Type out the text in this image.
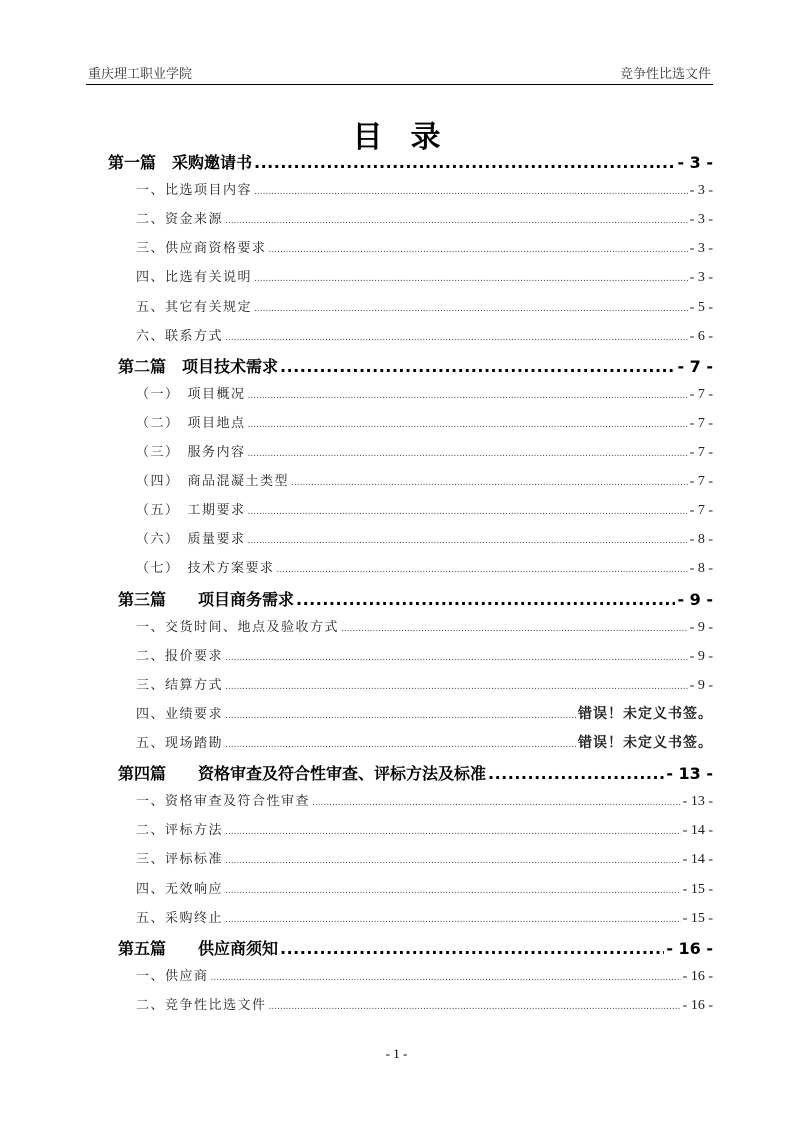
重庆理工职业学院	竞争性比选文件
目录
第一篇　采购邀请书 .....	- 3 -
一、比选项目内容 .....	- 3 -
二、资金来源 .....	- 3 -
三、供应商资格要求 .....	- 3 -
四、比选有关说明 .....	- 3 -
五、其它有关规定 .....	- 5 -
六、联系方式 .....	- 6 -
第二篇　项目技术需求 .....	- 7 -
（一）　项目概况 .....	- 7 -
（二）　项目地点 .....	- 7 -
（三）　服务内容 .....	- 7 -
（四）　商品混凝土类型 .....	- 7 -
（五）　工期要求 .....	- 7 -
（六）　质量要求 .....	- 8 -
（七）　技术方案要求 .....	- 8 -
第三篇　　项目商务需求 .....	- 9 -
一、交货时间、地点及验收方式 .....	- 9 -
二、报价要求 .....	- 9 -
三、结算方式 .....	- 9 -
四、业绩要求 .....	错误！未定义书签。
五、现场踏勘 .....	错误！未定义书签。
第四篇　　资格审查及符合性审查、评标方法及标准 .....	- 13 -
一、资格审查及符合性审查 .....	- 13 -
二、评标方法 .....	- 14 -
三、评标标准 .....	- 14 -
四、无效响应 .....	- 15 -
五、采购终止 .....	- 15 -
第五篇　　供应商须知 .....	- 16 -
一、供应商 .....	- 16 -
二、竞争性比选文件 .....	- 16 -
- 1 -
